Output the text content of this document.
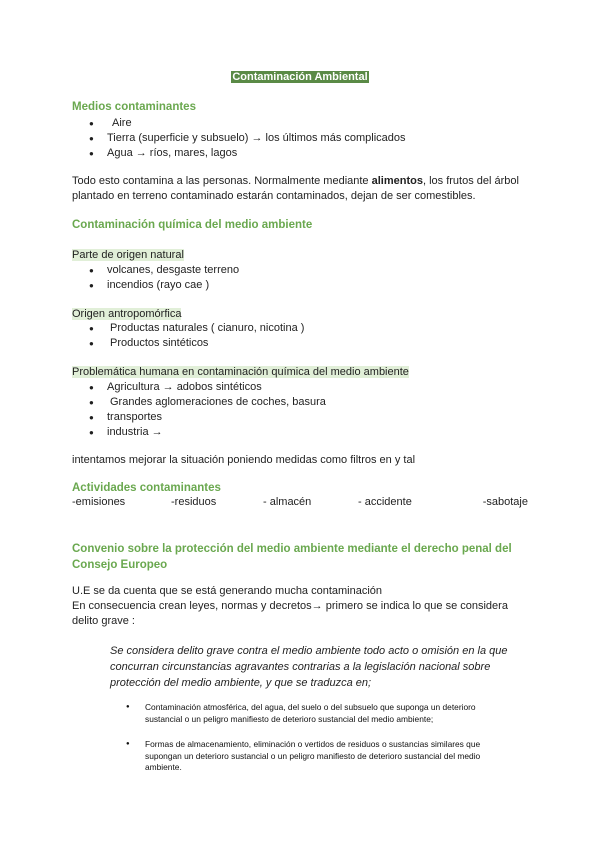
Contaminación Ambiental
Medios contaminantes
● Aire
● Tierra (superficie y subsuelo) → los últimos más complicados
● Agua → ríos, mares, lagos
Todo esto contamina a las personas. Normalmente mediante alimentos, los frutos del árbol plantado en terreno contaminado estarán contaminados, dejan de ser comestibles.
Contaminación química del medio ambiente
Parte de origen natural
● volcanes, desgaste terreno
● incendios (rayo cae )
Origen antropomórfica
● Productas naturales ( cianuro, nicotina )
● Productos sintéticos
Problemática humana en contaminación química del medio ambiente
● Agricultura → adobos sintéticos
● Grandes aglomeraciones de coches, basura
● transportes
● industria →
intentamos mejorar la situación poniendo medidas como filtros en y tal
Actividades contaminantes
-emisiones	-residuos	- almacén	- accidente	-sabotaje
Convenio sobre la protección del medio ambiente mediante el derecho penal del Consejo Europeo
U.E se da cuenta que se está generando mucha contaminación
En consecuencia crean leyes, normas y decretos→ primero se indica lo que se considera delito grave :
Se considera delito grave contra el medio ambiente todo acto o omisión en la que concurran circunstancias agravantes contrarias a la legislación nacional sobre protección del medio ambiente, y que se traduzca en;
● Contaminación atmosférica, del agua, del suelo o del subsuelo que suponga un deterioro sustancial o un peligro manifiesto de deterioro sustancial del medio ambiente;
● Formas de almacenamiento, eliminación o vertidos de residuos o sustancias similares que supongan un deterioro sustancial o un peligro manifiesto de deterioro sustancial del medio ambiente.
